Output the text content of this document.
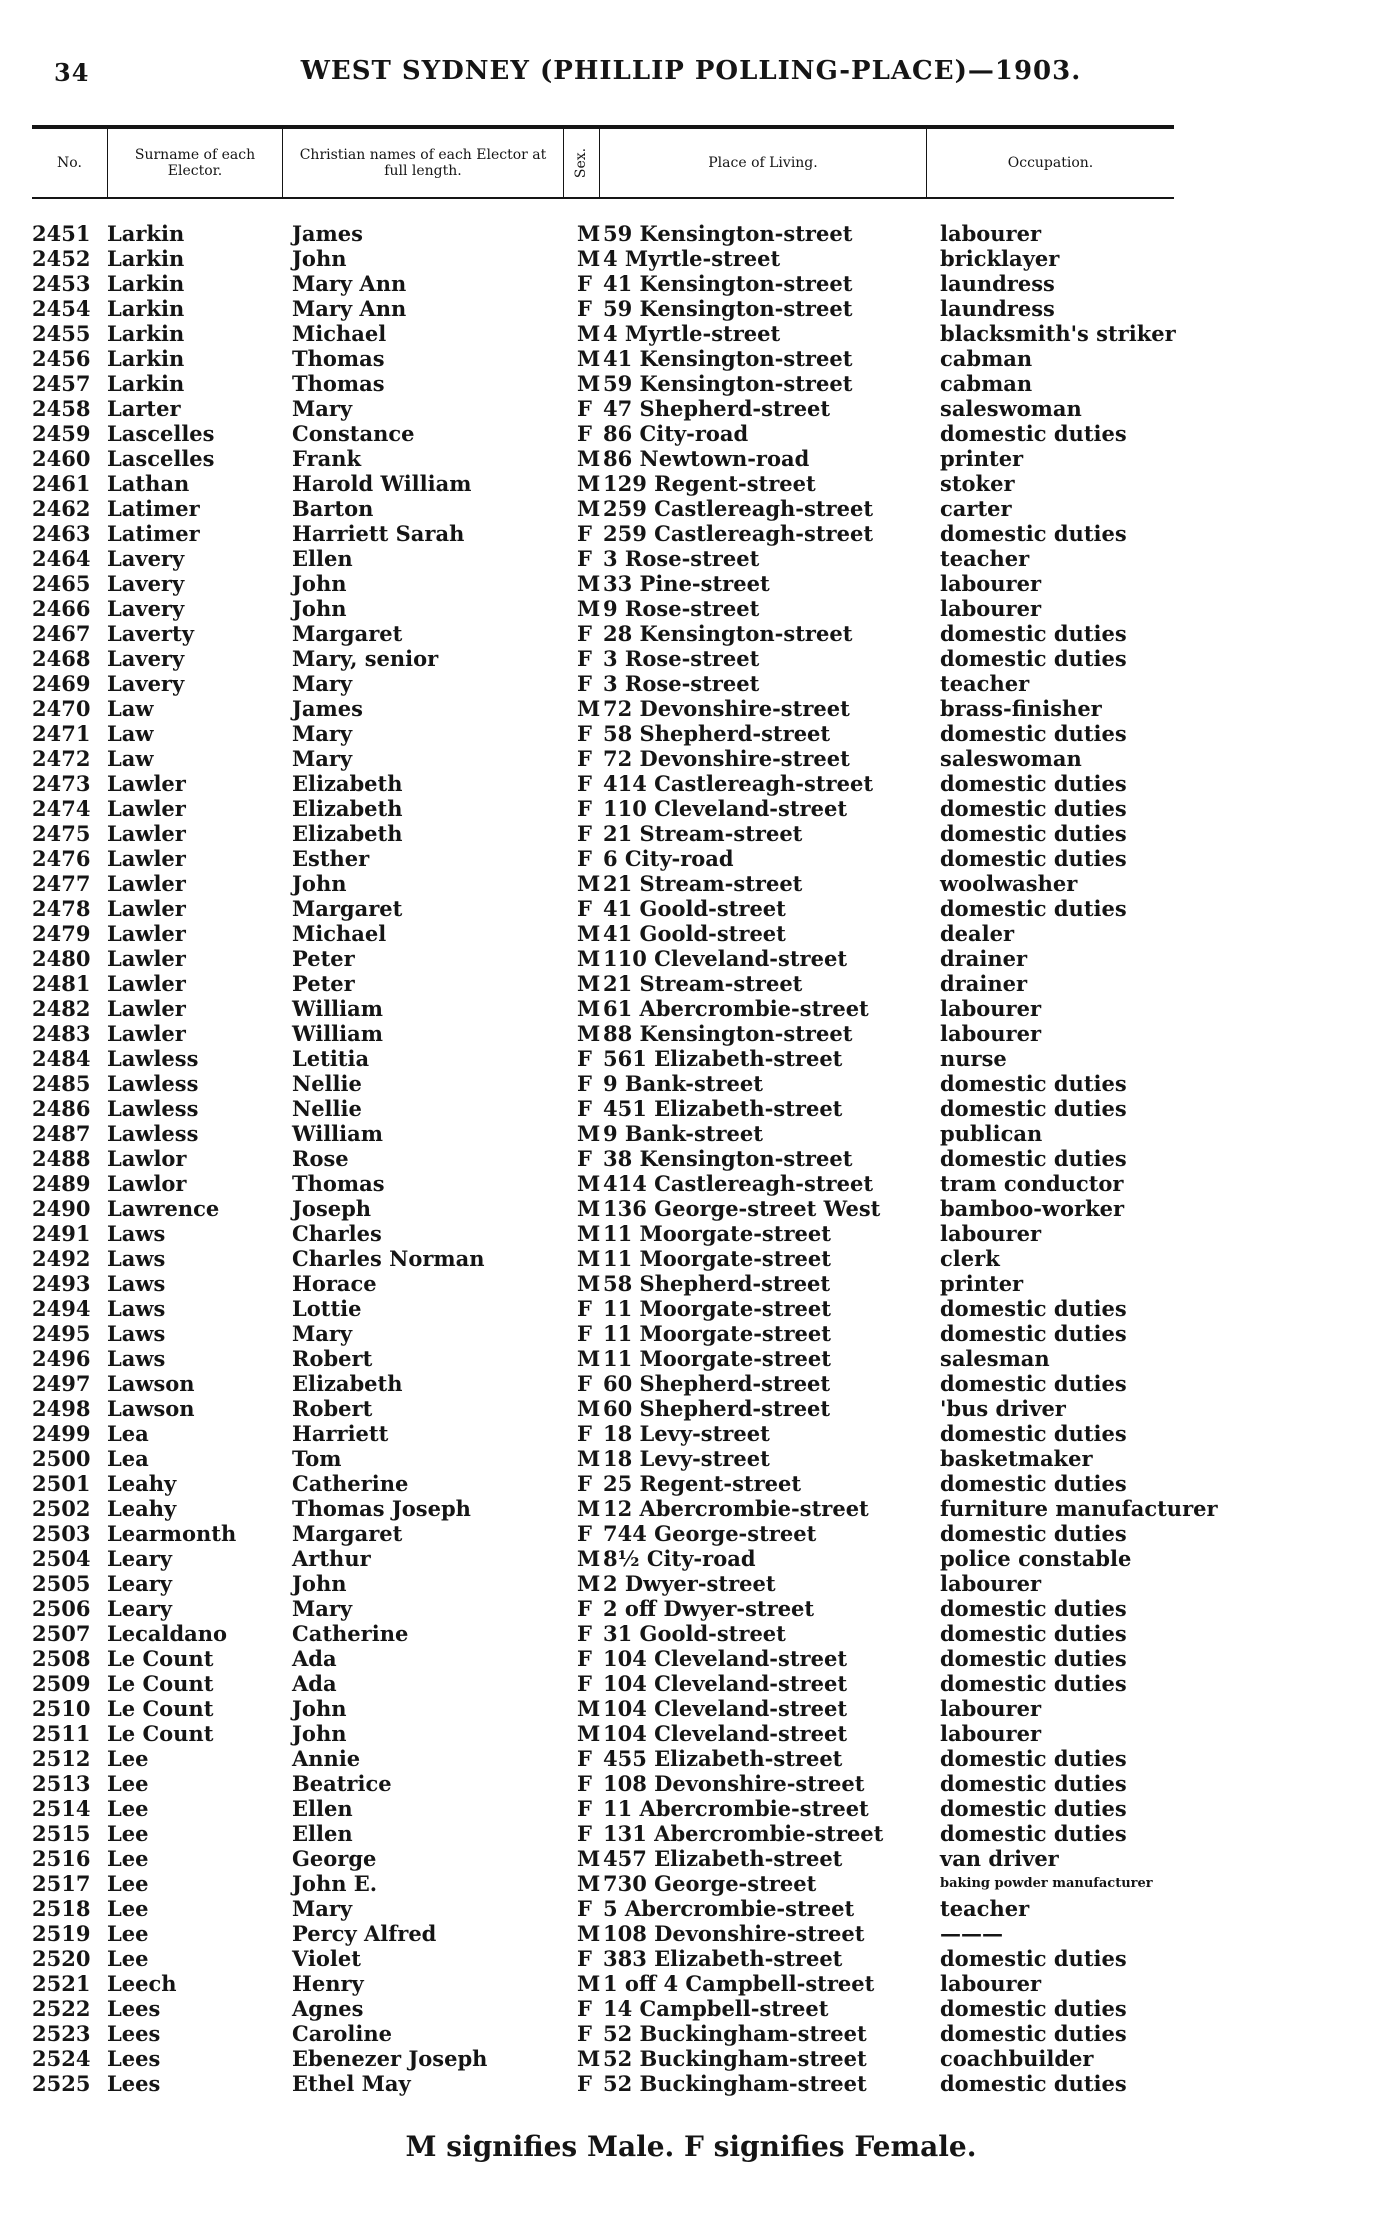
34	WEST SYDNEY (PHILLIP POLLING-PLACE)—1903.
No.	Surname of each Elector.
Christian names of each Elector at full length.	Sex.	Place of Living.	Occupation.
2451 Larkin	James	M 59 Kensington-street	labourer
2452 Larkin	John	M 4 Myrtle-street	bricklayer
2453 Larkin	Mary Ann	F 41 Kensington-street	laundress
2454 Larkin	Mary Ann	F 59 Kensington-street	laundress
2455 Larkin	Michael	M 4 Myrtle-street	blacksmith's striker
2456 Larkin	Thomas	M 41 Kensington-street	cabman
2457 Larkin	Thomas	M 59 Kensington-street	cabman
2458 Larter	Mary	F 47 Shepherd-street	saleswoman
2459 Lascelles	Constance	F 86 City-road	domestic duties
2460 Lascelles	Frank	M 86 Newtown-road	printer
2461 Lathan	Harold William	M 129 Regent-street	stoker
2462 Latimer	Barton	M 259 Castlereagh-street	carter
2463 Latimer	Harriett Sarah	F 259 Castlereagh-street	domestic duties
2464 Lavery	Ellen	F 3 Rose-street	teacher
2465 Lavery	John	M 33 Pine-street	labourer
2466 Lavery	John	M 9 Rose-street	labourer
2467 Laverty	Margaret	F 28 Kensington-street	domestic duties
2468 Lavery	Mary, senior	F 3 Rose-street	domestic duties
2469 Lavery	Mary	F 3 Rose-street	teacher
2470 Law	James	M 72 Devonshire-street	brass-finisher
2471 Law	Mary	F 58 Shepherd-street	domestic duties
2472 Law	Mary	F 72 Devonshire-street	saleswoman
2473 Lawler	Elizabeth	F 414 Castlereagh-street	domestic duties
2474 Lawler	Elizabeth	F 110 Cleveland-street	domestic duties
2475 Lawler	Elizabeth	F 21 Stream-street	domestic duties
2476 Lawler	Esther	F 6 City-road	domestic duties
2477 Lawler	John	M 21 Stream-street	woolwasher
2478 Lawler	Margaret	F 41 Goold-street	domestic duties
2479 Lawler	Michael	M 41 Goold-street	dealer
2480 Lawler	Peter	M 110 Cleveland-street	drainer
2481 Lawler	Peter	M 21 Stream-street	drainer
2482 Lawler	William	M 61 Abercrombie-street	labourer
2483 Lawler	William	M 88 Kensington-street	labourer
2484 Lawless	Letitia	F 561 Elizabeth-street	nurse
2485 Lawless	Nellie	F 9 Bank-street	domestic duties
2486 Lawless	Nellie	F 451 Elizabeth-street	domestic duties
2487 Lawless	William	M 9 Bank-street	publican
2488 Lawlor	Rose	F 38 Kensington-street	domestic duties
2489 Lawlor	Thomas	M 414 Castlereagh-street	tram conductor
2490 Lawrence	Joseph	M 136 George-street West	bamboo-worker
2491 Laws	Charles	M 11 Moorgate-street	labourer
2492 Laws	Charles Norman	M 11 Moorgate-street	clerk
2493 Laws	Horace	M 58 Shepherd-street	printer
2494 Laws	Lottie	F 11 Moorgate-street	domestic duties
2495 Laws	Mary	F 11 Moorgate-street	domestic duties
2496 Laws	Robert	M 11 Moorgate-street	salesman
2497 Lawson	Elizabeth	F 60 Shepherd-street	domestic duties
2498 Lawson	Robert	M 60 Shepherd-street	'bus driver
2499 Lea	Harriett	F 18 Levy-street	domestic duties
2500 Lea	Tom	M 18 Levy-street	basketmaker
2501 Leahy	Catherine	F 25 Regent-street	domestic duties
2502 Leahy	Thomas Joseph	M 12 Abercrombie-street	furniture manufacturer
2503 Learmonth	Margaret	F 744 George-street	domestic duties
2504 Leary	Arthur	M 8½ City-road	police constable
2505 Leary	John	M 2 Dwyer-street	labourer
2506 Leary	Mary	F 2 off Dwyer-street	domestic duties
2507 Lecaldano	Catherine	F 31 Goold-street	domestic duties
2508 Le Count	Ada	F 104 Cleveland-street	domestic duties
2509 Le Count	Ada	F 104 Cleveland-street	domestic duties
2510 Le Count	John	M 104 Cleveland-street	labourer
2511 Le Count	John	M 104 Cleveland-street	labourer
2512 Lee	Annie	F 455 Elizabeth-street	domestic duties
2513 Lee	Beatrice	F 108 Devonshire-street	domestic duties
2514 Lee	Ellen	F 11 Abercrombie-street	domestic duties
2515 Lee	Ellen	F 131 Abercrombie-street	domestic duties
2516 Lee	George	M 457 Elizabeth-street	van driver
2517 Lee	John E.	M 730 George-street	baking powder manufacturer
2518 Lee	Mary	F 5 Abercrombie-street	teacher
2519 Lee	Percy Alfred	M 108 Devonshire-street	———
2520 Lee	Violet	F 383 Elizabeth-street	domestic duties
2521 Leech	Henry	M 1 off 4 Campbell-street	labourer
2522 Lees	Agnes	F 14 Campbell-street	domestic duties
2523 Lees	Caroline	F 52 Buckingham-street	domestic duties
2524 Lees	Ebenezer Joseph	M 52 Buckingham-street	coachbuilder
2525 Lees	Ethel May	F 52 Buckingham-street	domestic duties
M signifies Male. F signifies Female.
